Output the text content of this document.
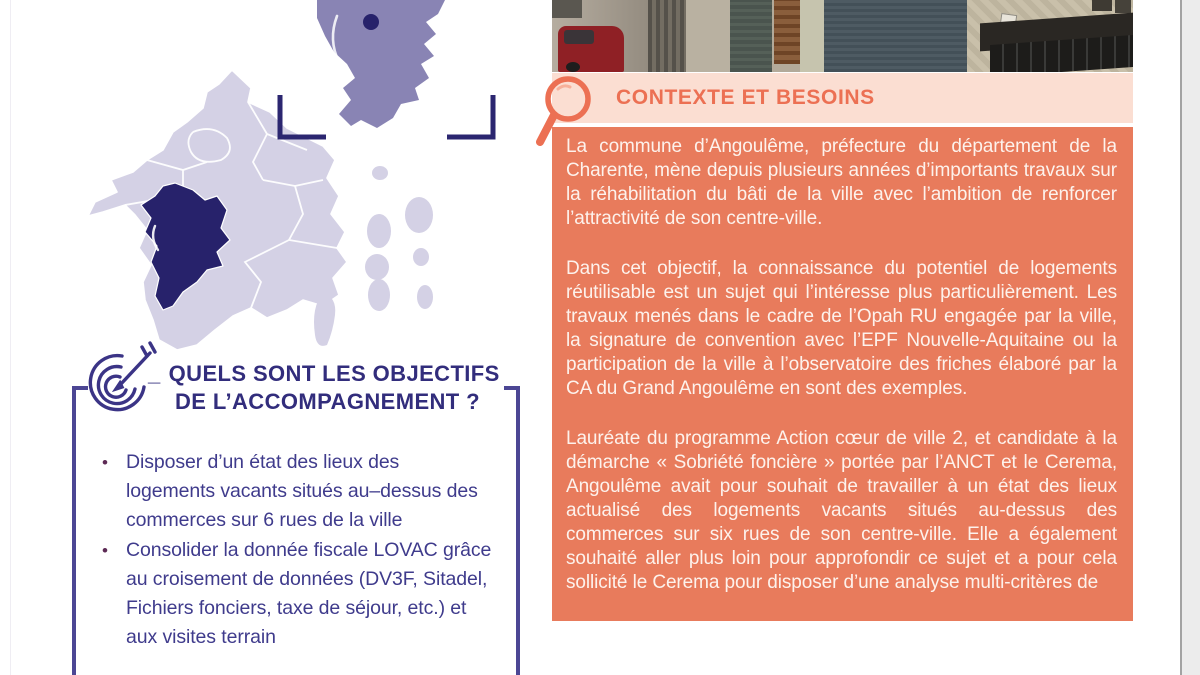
_ QUELS SONT LES OBJECTIFS
DE L’ACCOMPAGNEMENT ?
• Disposer d’un état des lieux des logements vacants situés au–dessus des commerces sur 6 rues de la ville
• Consolider la donnée fiscale LOVAC grâce au croisement de données (DV3F, Sitadel, Fichiers fonciers, taxe de séjour, etc.) et aux visites terrain
CONTEXTE ET BESOINS

La commune d’Angoulême, préfecture du département de la Charente, mène depuis plusieurs années d’importants travaux sur la réhabilitation du bâti de la ville avec l’ambition de renforcer l’attractivité de son centre-ville.

Dans cet objectif, la connaissance du potentiel de logements réutilisable est un sujet qui l’intéresse plus particulièrement. Les travaux menés dans le cadre de l’Opah RU engagée par la ville, la signature de convention avec l’EPF Nouvelle-Aquitaine ou la participation de la ville à l’observatoire des friches élaboré par la CA du Grand Angoulême en sont des exemples.

Lauréate du programme Action cœur de ville 2, et candidate à la démarche « Sobriété foncière » portée par l’ANCT et le Cerema, Angoulême avait pour souhait de travailler à un état des lieux actualisé des logements vacants situés au-dessus des commerces sur six rues de son centre-ville. Elle a également souhaité aller plus loin pour approfondir ce sujet et a pour cela sollicité le Cerema pour disposer d’une analyse multi-critères de
